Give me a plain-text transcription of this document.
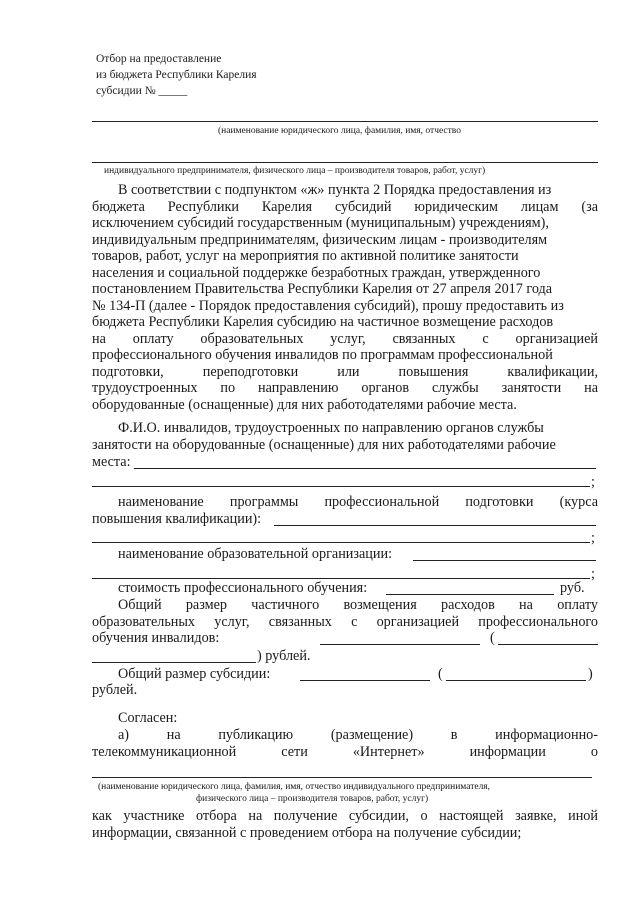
Отбор на предоставление
из бюджета Республики Карелия
субсидии № _____
(наименование юридического лица, фамилия, имя, отчество
индивидуального предпринимателя, физического лица – производителя товаров, работ, услуг)
В соответствии с подпунктом «ж» пункта 2 Порядка предоставления из
бюджета Республики Карелия субсидий юридическим лицам (за
исключением субсидий государственным (муниципальным) учреждениям),
индивидуальным предпринимателям, физическим лицам - производителям
товаров, работ, услуг на мероприятия по активной политике занятости
населения и социальной поддержке безработных граждан, утвержденного
постановлением Правительства Республики Карелия от 27 апреля 2017 года
№ 134-П (далее - Порядок предоставления субсидий), прошу предоставить из
бюджета Республики Карелия субсидию на частичное возмещение расходов
на оплату образовательных услуг, связанных с организацией
профессионального обучения инвалидов по программам профессиональной
подготовки, переподготовки или повышения квалификации,
трудоустроенных по направлению органов службы занятости на
оборудованные (оснащенные) для них работодателями рабочие места.
Ф.И.О. инвалидов, трудоустроенных по направлению органов службы
занятости на оборудованные (оснащенные) для них работодателями рабочие
места:
;
наименование программы профессиональной подготовки (курса
повышения квалификации):
;
наименование образовательной организации:
;
стоимость профессионального обучения:	руб.
Общий размер частичного возмещения расходов на оплату
образовательных услуг, связанных с организацией профессионального
обучения инвалидов:	(
) рублей.
Общий размер субсидии:	(	)
рублей.
Согласен:
а) на публикацию (размещение) в информационно-
телекоммуникационной сети «Интернет» информации о
(наименование юридического лица, фамилия, имя, отчество индивидуального предпринимателя,
физического лица – производителя товаров, работ, услуг)
как участнике отбора на получение субсидии, о настоящей заявке, иной
информации, связанной с проведением отбора на получение субсидии;
